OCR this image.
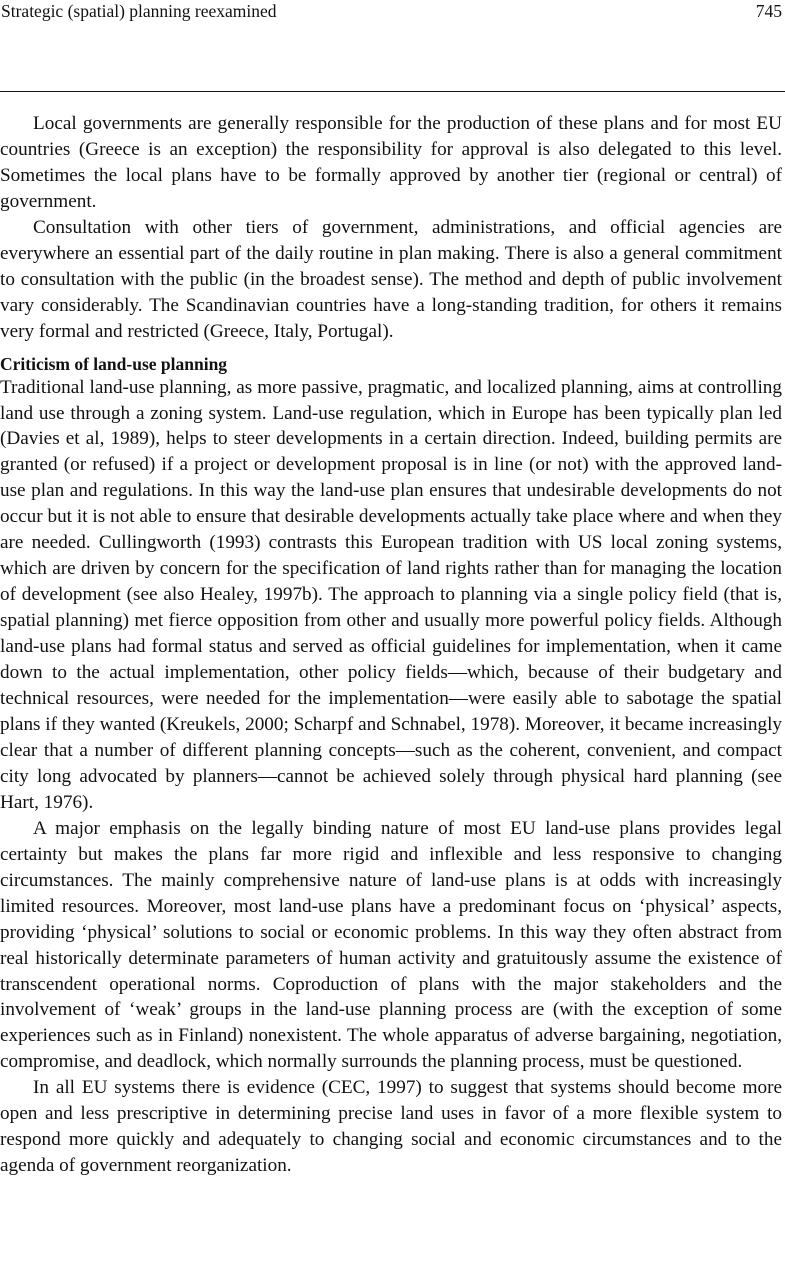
Strategic (spatial) planning reexamined	745

Local governments are generally responsible for the production of these plans and for most EU countries (Greece is an exception) the responsibility for approval is also delegated to this level. Sometimes the local plans have to be formally approved by another tier (regional or central) of government.

Consultation with other tiers of government, administrations, and official agencies are everywhere an essential part of the daily routine in plan making. There is also a general commitment to consultation with the public (in the broadest sense). The method and depth of public involvement vary considerably. The Scandinavian countries have a long-standing tradition, for others it remains very formal and restricted (Greece, Italy, Portugal).

Criticism of land-use planning

Traditional land-use planning, as more passive, pragmatic, and localized planning, aims at controlling land use through a zoning system. Land-use regulation, which in Europe has been typically plan led (Davies et al, 1989), helps to steer developments in a certain direction. Indeed, building permits are granted (or refused) if a project or development proposal is in line (or not) with the approved land-use plan and regulations. In this way the land-use plan ensures that undesirable developments do not occur but it is not able to ensure that desirable developments actually take place where and when they are needed. Cullingworth (1993) contrasts this European tradition with US local zoning systems, which are driven by concern for the specification of land rights rather than for managing the location of development (see also Healey, 1997b). The approach to planning via a single policy field (that is, spatial planning) met fierce opposition from other and usually more powerful policy fields. Although land-use plans had formal status and served as official guidelines for implementation, when it came down to the actual implementation, other policy fields—which, because of their budgetary and technical resources, were needed for the implementation—were easily able to sabotage the spatial plans if they wanted (Kreukels, 2000; Scharpf and Schnabel, 1978). Moreover, it became increasingly clear that a number of different planning concepts—such as the coherent, convenient, and compact city long advocated by planners—cannot be achieved solely through physical hard planning (see Hart, 1976).

A major emphasis on the legally binding nature of most EU land-use plans provides legal certainty but makes the plans far more rigid and inflexible and less responsive to changing circumstances. The mainly comprehensive nature of land-use plans is at odds with increasingly limited resources. Moreover, most land-use plans have a predominant focus on ‘physical’ aspects, providing ‘physical’ solutions to social or economic problems. In this way they often abstract from real historically determinate parameters of human activity and gratuitously assume the existence of transcendent operational norms. Coproduction of plans with the major stakeholders and the involvement of ‘weak’ groups in the land-use planning process are (with the exception of some experiences such as in Finland) nonexistent. The whole apparatus of adverse bargaining, negotiation, compromise, and deadlock, which normally surrounds the planning process, must be questioned.

In all EU systems there is evidence (CEC, 1997) to suggest that systems should become more open and less prescriptive in determining precise land uses in favor of a more flexible system to respond more quickly and adequately to changing social and economic circumstances and to the agenda of government reorganization.
